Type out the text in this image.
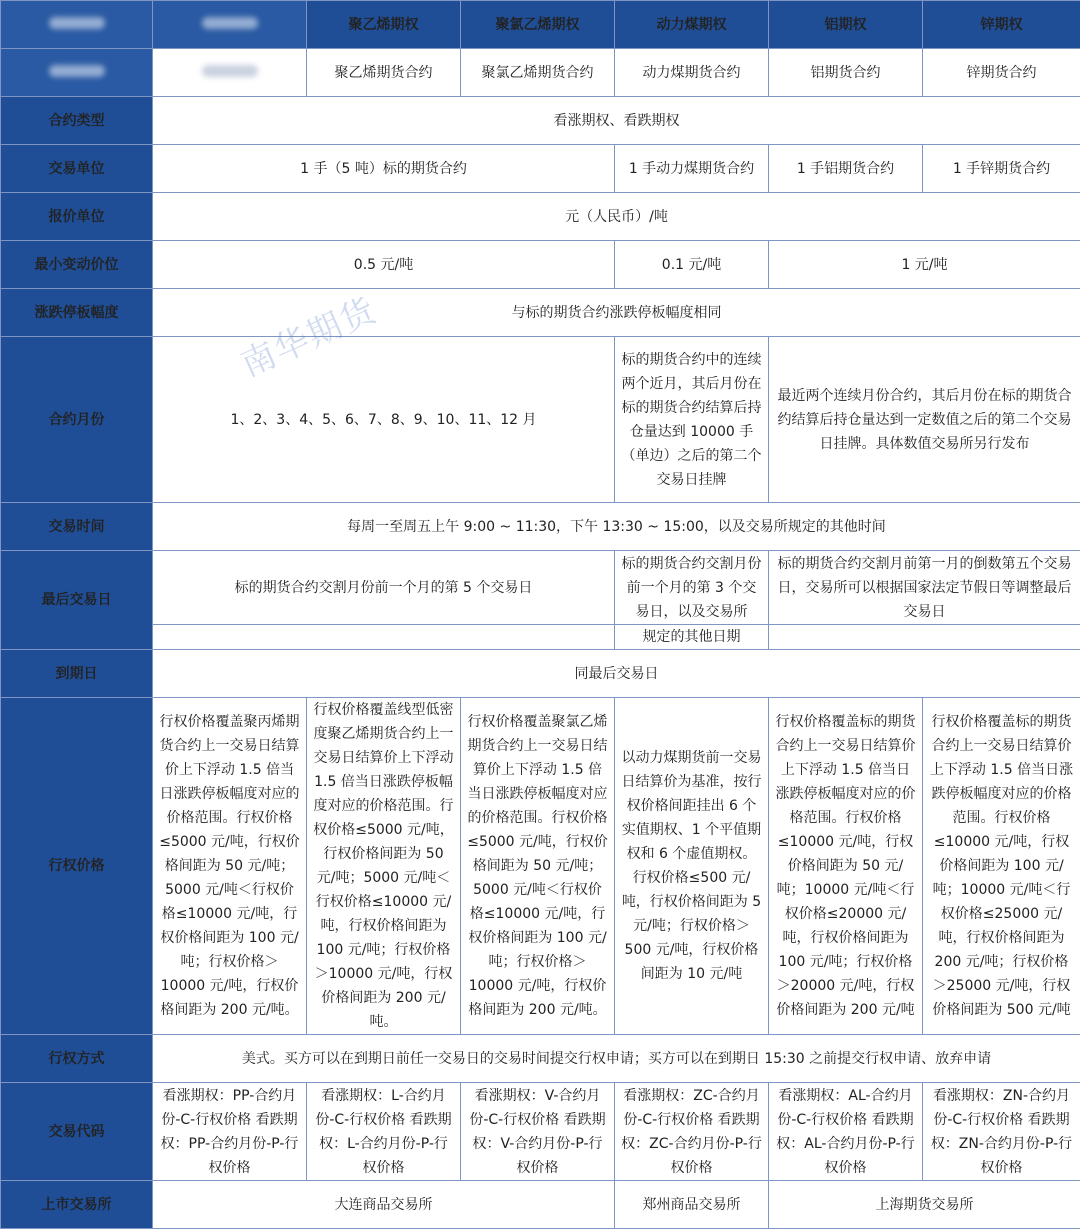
		聚乙烯期权	聚氯乙烯期权	动力煤期权	铝期权	锌期权
		聚乙烯期货合约	聚氯乙烯期货合约	动力煤期货合约	铝期货合约	锌期货合约
合约类型	看涨期权、看跌期权					
交易单位	1 手（5 吨）标的期货合约			1 手动力煤期货合约	1 手铝期货合约	1 手锌期货合约
报价单位	元（人民币）/吨					
最小变动价位	0.5 元/吨			0.1 元/吨	1 元/吨	
涨跌停板幅度	与标的期货合约涨跌停板幅度相同					
合约月份	1、2、3、4、5、6、7、8、9、10、11、12 月			标的期货合约中的连续两个近月，其后月份在标的期货合约结算后持仓量达到 10000 手（单边）之后的第二个交易日挂牌	最近两个连续月份合约，其后月份在标的期货合约结算后持仓量达到一定数值之后的第二个交易日挂牌。具体数值交易所另行发布	
交易时间	每周一至周五上午 9:00 ~ 11:30，下午 13:30 ~ 15:00，以及交易所规定的其他时间					
最后交易日	标的期货合约交割月份前一个月的第 5 个交易日			标的期货合约交割月份前一个月的第 3 个交易日，以及交易所	标的期货合约交割月前第一月的倒数第五个交易日，交易所可以根据国家法定节假日等调整最后交易日	
				规定的其他日期		
到期日	同最后交易日					
行权价格	行权价格覆盖聚丙烯期货合约上一交易日结算价上下浮动 1.5 倍当日涨跌停板幅度对应的价格范围。行权价格≤5000 元/吨，行权价格间距为 50 元/吨；5000 元/吨＜行权价格≤10000 元/吨，行权价格间距为 100 元/吨；行权价格＞10000 元/吨，行权价格间距为 200 元/吨。	行权价格覆盖线型低密度聚乙烯期货合约上一交易日结算价上下浮动 1.5 倍当日涨跌停板幅度对应的价格范围。行权价格≤5000 元/吨，行权价格间距为 50 元/吨；5000 元/吨＜行权价格≤10000 元/吨，行权价格间距为 100 元/吨；行权价格＞10000 元/吨，行权价格间距为 200 元/吨。	行权价格覆盖聚氯乙烯期货合约上一交易日结算价上下浮动 1.5 倍当日涨跌停板幅度对应的价格范围。行权价格≤5000 元/吨，行权价格间距为 50 元/吨；5000 元/吨＜行权价格≤10000 元/吨，行权价格间距为 100 元/吨；行权价格＞10000 元/吨，行权价格间距为 200 元/吨。	以动力煤期货前一交易日结算价为基准，按行权价格间距挂出 6 个实值期权、1 个平值期权和 6 个虚值期权。行权价格≤500 元/吨，行权价格间距为 5 元/吨；行权价格＞500 元/吨，行权价格间距为 10 元/吨	行权价格覆盖标的期货合约上一交易日结算价上下浮动 1.5 倍当日涨跌停板幅度对应的价格范围。行权价格≤10000 元/吨，行权价格间距为 50 元/吨；10000 元/吨＜行权价格≤20000 元/吨，行权价格间距为 100 元/吨；行权价格＞20000 元/吨，行权价格间距为 200 元/吨	行权价格覆盖标的期货合约上一交易日结算价上下浮动 1.5 倍当日涨跌停板幅度对应的价格范围。行权价格≤10000 元/吨，行权价格间距为 100 元/吨；10000 元/吨＜行权价格≤25000 元/吨，行权价格间距为 200 元/吨；行权价格＞25000 元/吨，行权价格间距为 500 元/吨
行权方式	美式。买方可以在到期日前任一交易日的交易时间提交行权申请；买方可以在到期日 15:30 之前提交行权申请、放弃申请					
交易代码	看涨期权：PP-合约月份-C-行权价格 看跌期权：PP-合约月份-P-行权价格	看涨期权：L-合约月份-C-行权价格 看跌期权：L-合约月份-P-行权价格	看涨期权：V-合约月份-C-行权价格 看跌期权：V-合约月份-P-行权价格	看涨期权：ZC-合约月份-C-行权价格 看跌期权：ZC-合约月份-P-行权价格	看涨期权：AL-合约月份-C-行权价格 看跌期权：AL-合约月份-P-行权价格	看涨期权：ZN-合约月份-C-行权价格 看跌期权：ZN-合约月份-P-行权价格
上市交易所	大连商品交易所			郑州商品交易所	上海期货交易所	
南华期货
